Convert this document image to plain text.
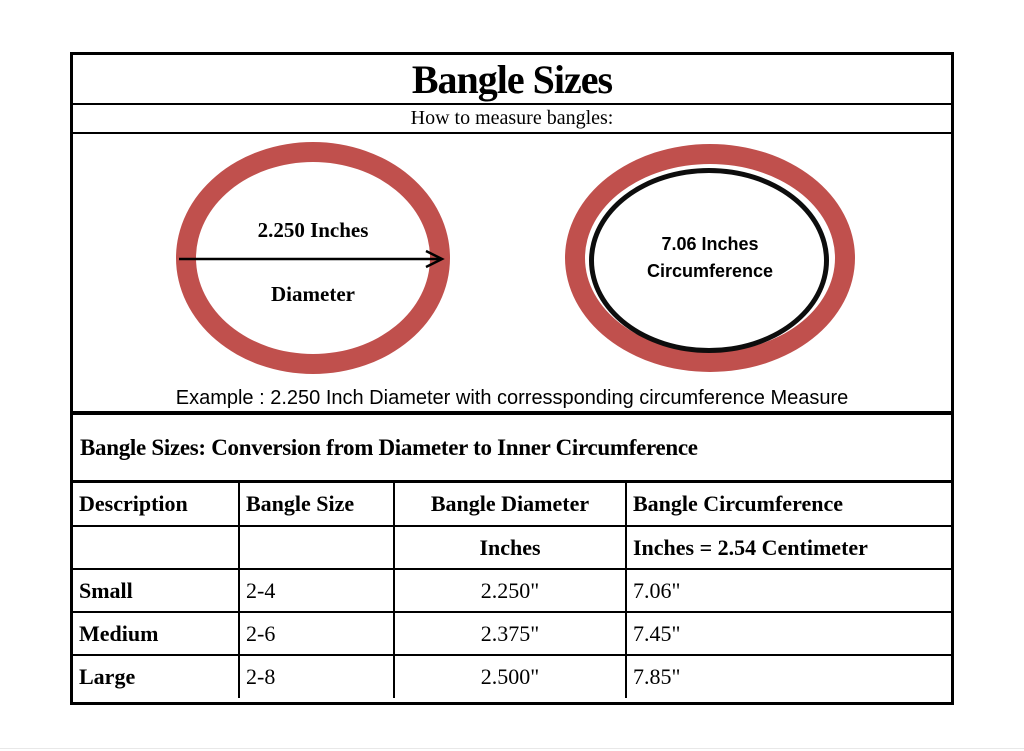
Bangle Sizes
How to measure bangles:
2.250 Inches
Diameter
7.06 Inches
Circumference
Example : 2.250 Inch Diameter with corressponding circumference Measure
Bangle Sizes: Conversion from Diameter to Inner Circumference
Description	Bangle Size	Bangle Diameter	Bangle Circumference
		Inches	Inches = 2.54 Centimeter
Small	2-4	2.250"	7.06"
Medium	2-6	2.375"	7.45"
Large	2-8	2.500"	7.85"
